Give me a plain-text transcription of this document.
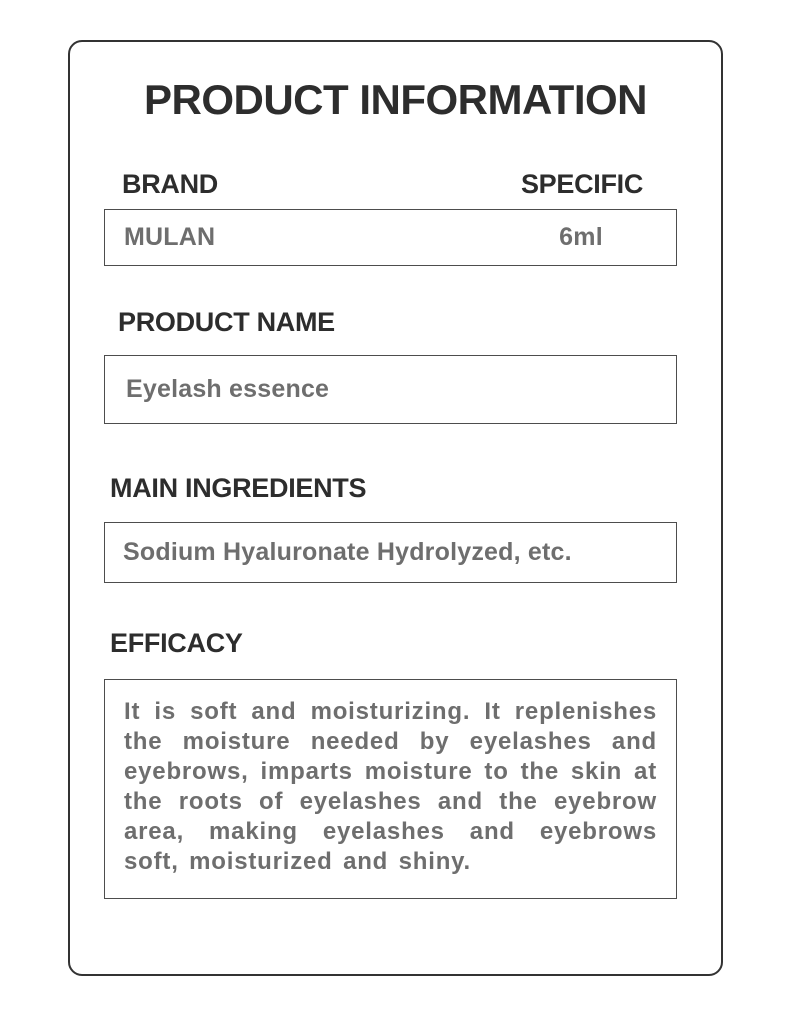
PRODUCT INFORMATION
BRAND	SPECIFIC
MULAN	6ml
PRODUCT NAME
Eyelash essence
MAIN INGREDIENTS
Sodium Hyaluronate Hydrolyzed, etc.
EFFICACY
It is soft and moisturizing. It replenishes the moisture needed by eyelashes and eyebrows, imparts moisture to the skin at the roots of eyelashes and the eyebrow area, making eyelashes and eyebrows soft, moisturized and shiny.
